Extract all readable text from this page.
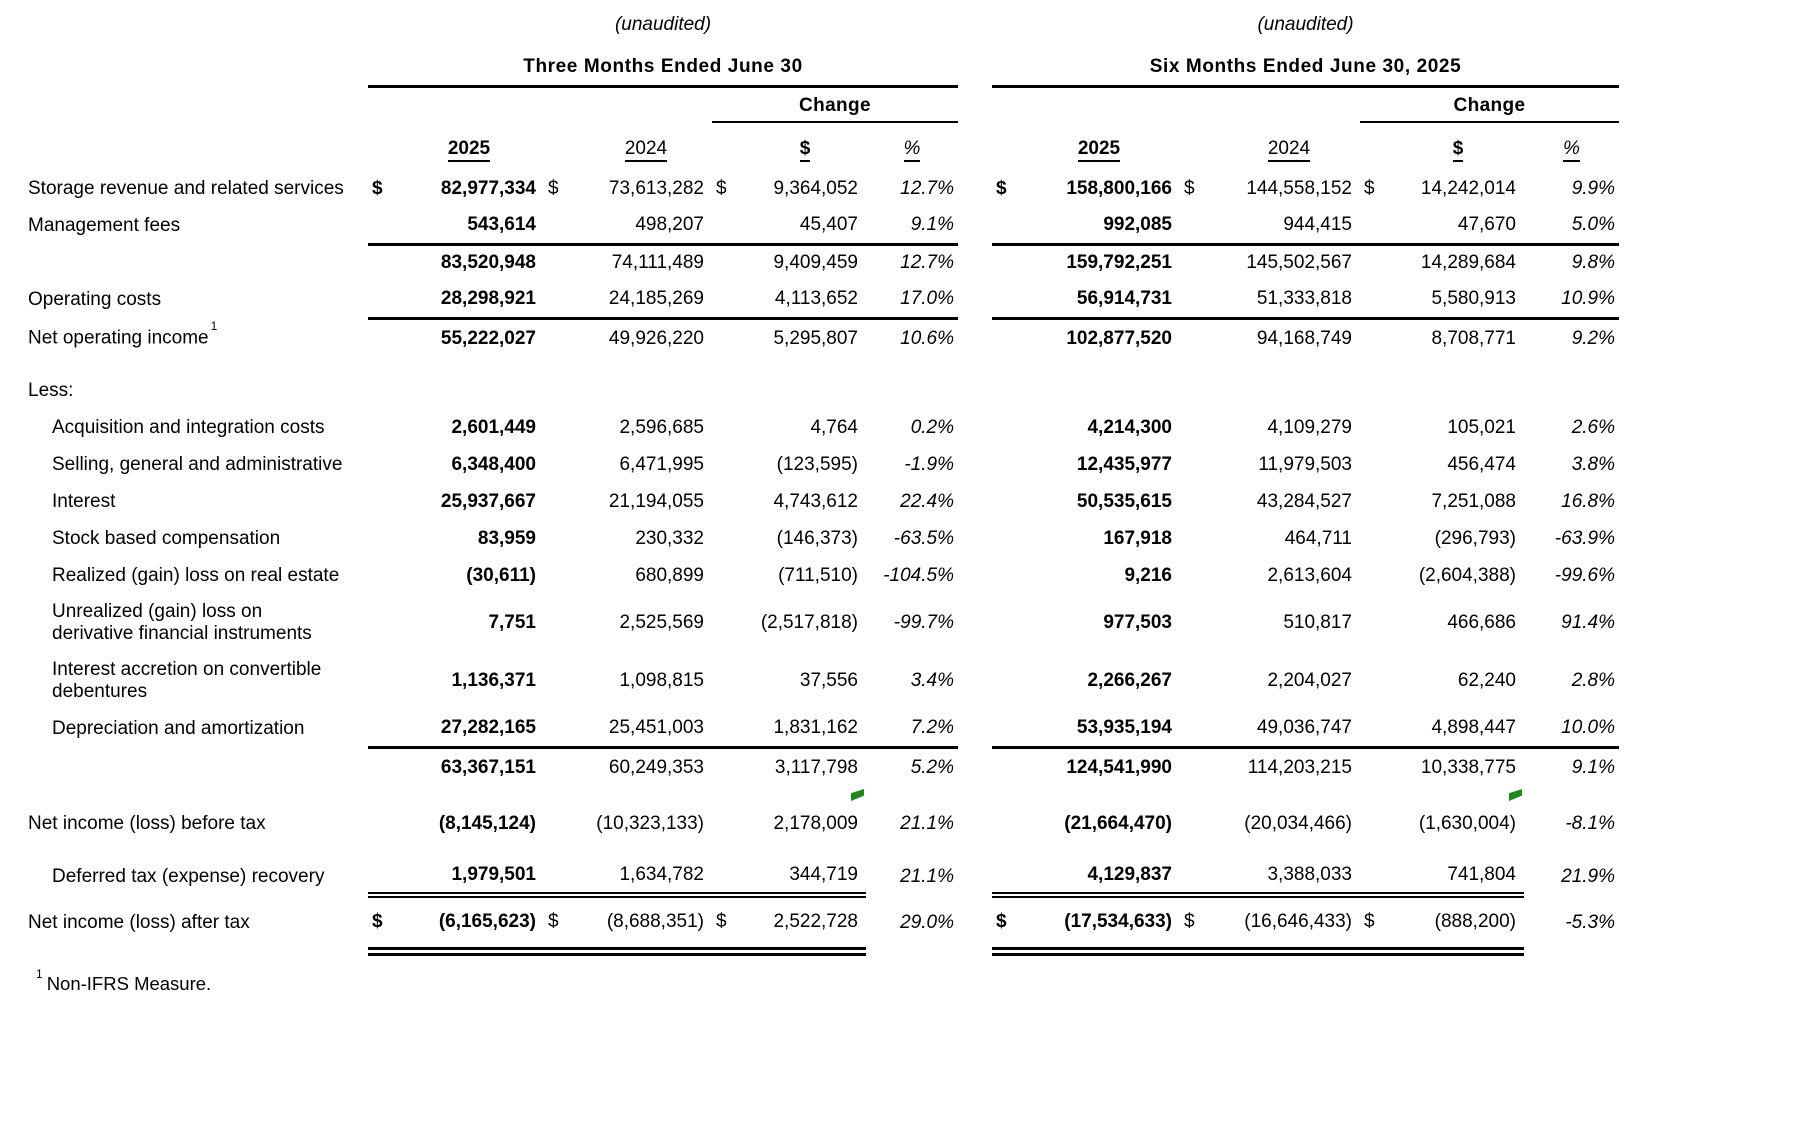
	(unaudited)								(unaudited)						
	Three Months Ended June 30								Six Months Ended June 30, 2025						
					Change								Change		
		2025		2024		$	%			2025		2024		$	%
Storage revenue and related services	$	82,977,334	$	73,613,282	$	9,364,052	12.7%		$	158,800,166	$	144,558,152	$	14,242,014	9.9%
Management fees		543,614		498,207		45,407	9.1%			992,085		944,415		47,670	5.0%
		83,520,948		74,111,489		9,409,459	12.7%			159,792,251		145,502,567		14,289,684	9.8%
Operating costs		28,298,921		24,185,269		4,113,652	17.0%			56,914,731		51,333,818		5,580,913	10.9%
Net operating income$^1$		55,222,027		49,926,220		5,295,807	10.6%			102,877,520		94,168,749		8,708,771	9.2%

Less:															
Acquisition and integration costs		2,601,449		2,596,685		4,764	0.2%			4,214,300		4,109,279		105,021	2.6%
Selling, general and administrative		6,348,400		6,471,995		(123,595)	-1.9%			12,435,977		11,979,503		456,474	3.8%
Interest		25,937,667		21,194,055		4,743,612	22.4%			50,535,615		43,284,527		7,251,088	16.8%
Stock based compensation		83,959		230,332		(146,373)	-63.5%			167,918		464,711		(296,793)	-63.9%
Realized (gain) loss on real estate		(30,611)		680,899		(711,510)	-104.5%			9,216		2,613,604		(2,604,388)	-99.6%
Unrealized (gain) loss on
derivative financial instruments		7,751		2,525,569		(2,517,818)	-99.7%			977,503		510,817		466,686	91.4%
Interest accretion on convertible
debentures		1,136,371		1,098,815		37,556	3.4%			2,266,267		2,204,027		62,240	2.8%
Depreciation and amortization		27,282,165		25,451,003		1,831,162	7.2%			53,935,194		49,036,747		4,898,447	10.0%
		63,367,151		60,249,353		3,117,798	5.2%			124,541,990		114,203,215		10,338,775	9.1%

Net income (loss) before tax		(8,145,124)		(10,323,133)		2,178,009	21.1%			(21,664,470)		(20,034,466)		(1,630,004)	-8.1%

Deferred tax (expense) recovery		1,979,501		1,634,782		344,719	21.1%			4,129,837		3,388,033		741,804	21.9%
Net income (loss) after tax	$	(6,165,623)	$	(8,688,351)	$	2,522,728	29.0%		$	(17,534,633)	$	(16,646,433)	$	(888,200)	-5.3%
$^1$ Non-IFRS Measure.
